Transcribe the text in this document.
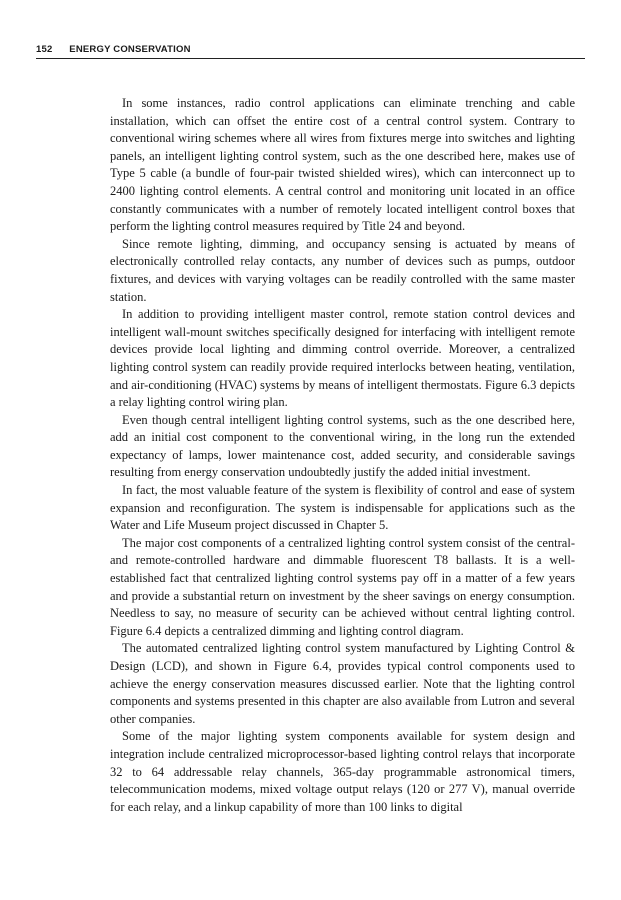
152 ENERGY CONSERVATION

In some instances, radio control applications can eliminate trenching and cable installation, which can offset the entire cost of a central control system. Contrary to conventional wiring schemes where all wires from fixtures merge into switches and lighting panels, an intelligent lighting control system, such as the one described here, makes use of Type 5 cable (a bundle of four-pair twisted shielded wires), which can interconnect up to 2400 lighting control elements. A central control and monitoring unit located in an office constantly communicates with a number of remotely located intelligent control boxes that perform the lighting control measures required by Title 24 and beyond.

Since remote lighting, dimming, and occupancy sensing is actuated by means of electronically controlled relay contacts, any number of devices such as pumps, outdoor fixtures, and devices with varying voltages can be readily controlled with the same master station.

In addition to providing intelligent master control, remote station control devices and intelligent wall-mount switches specifically designed for interfacing with intelligent remote devices provide local lighting and dimming control override. Moreover, a centralized lighting control system can readily provide required interlocks between heating, ventilation, and air-conditioning (HVAC) systems by means of intelligent thermostats. Figure 6.3 depicts a relay lighting control wiring plan.

Even though central intelligent lighting control systems, such as the one described here, add an initial cost component to the conventional wiring, in the long run the extended expectancy of lamps, lower maintenance cost, added security, and considerable savings resulting from energy conservation undoubtedly justify the added initial investment.

In fact, the most valuable feature of the system is flexibility of control and ease of system expansion and reconfiguration. The system is indispensable for applications such as the Water and Life Museum project discussed in Chapter 5.

The major cost components of a centralized lighting control system consist of the central- and remote-controlled hardware and dimmable fluorescent T8 ballasts. It is a well-established fact that centralized lighting control systems pay off in a matter of a few years and provide a substantial return on investment by the sheer savings on energy consumption. Needless to say, no measure of security can be achieved without central lighting control. Figure 6.4 depicts a centralized dimming and lighting control diagram.

The automated centralized lighting control system manufactured by Lighting Control & Design (LCD), and shown in Figure 6.4, provides typical control components used to achieve the energy conservation measures discussed earlier. Note that the lighting control components and systems presented in this chapter are also available from Lutron and several other companies.

Some of the major lighting system components available for system design and integration include centralized microprocessor-based lighting control relays that incorporate 32 to 64 addressable relay channels, 365-day programmable astronomical timers, telecommunication modems, mixed voltage output relays (120 or 277 V), manual override for each relay, and a linkup capability of more than 100 links to digital
